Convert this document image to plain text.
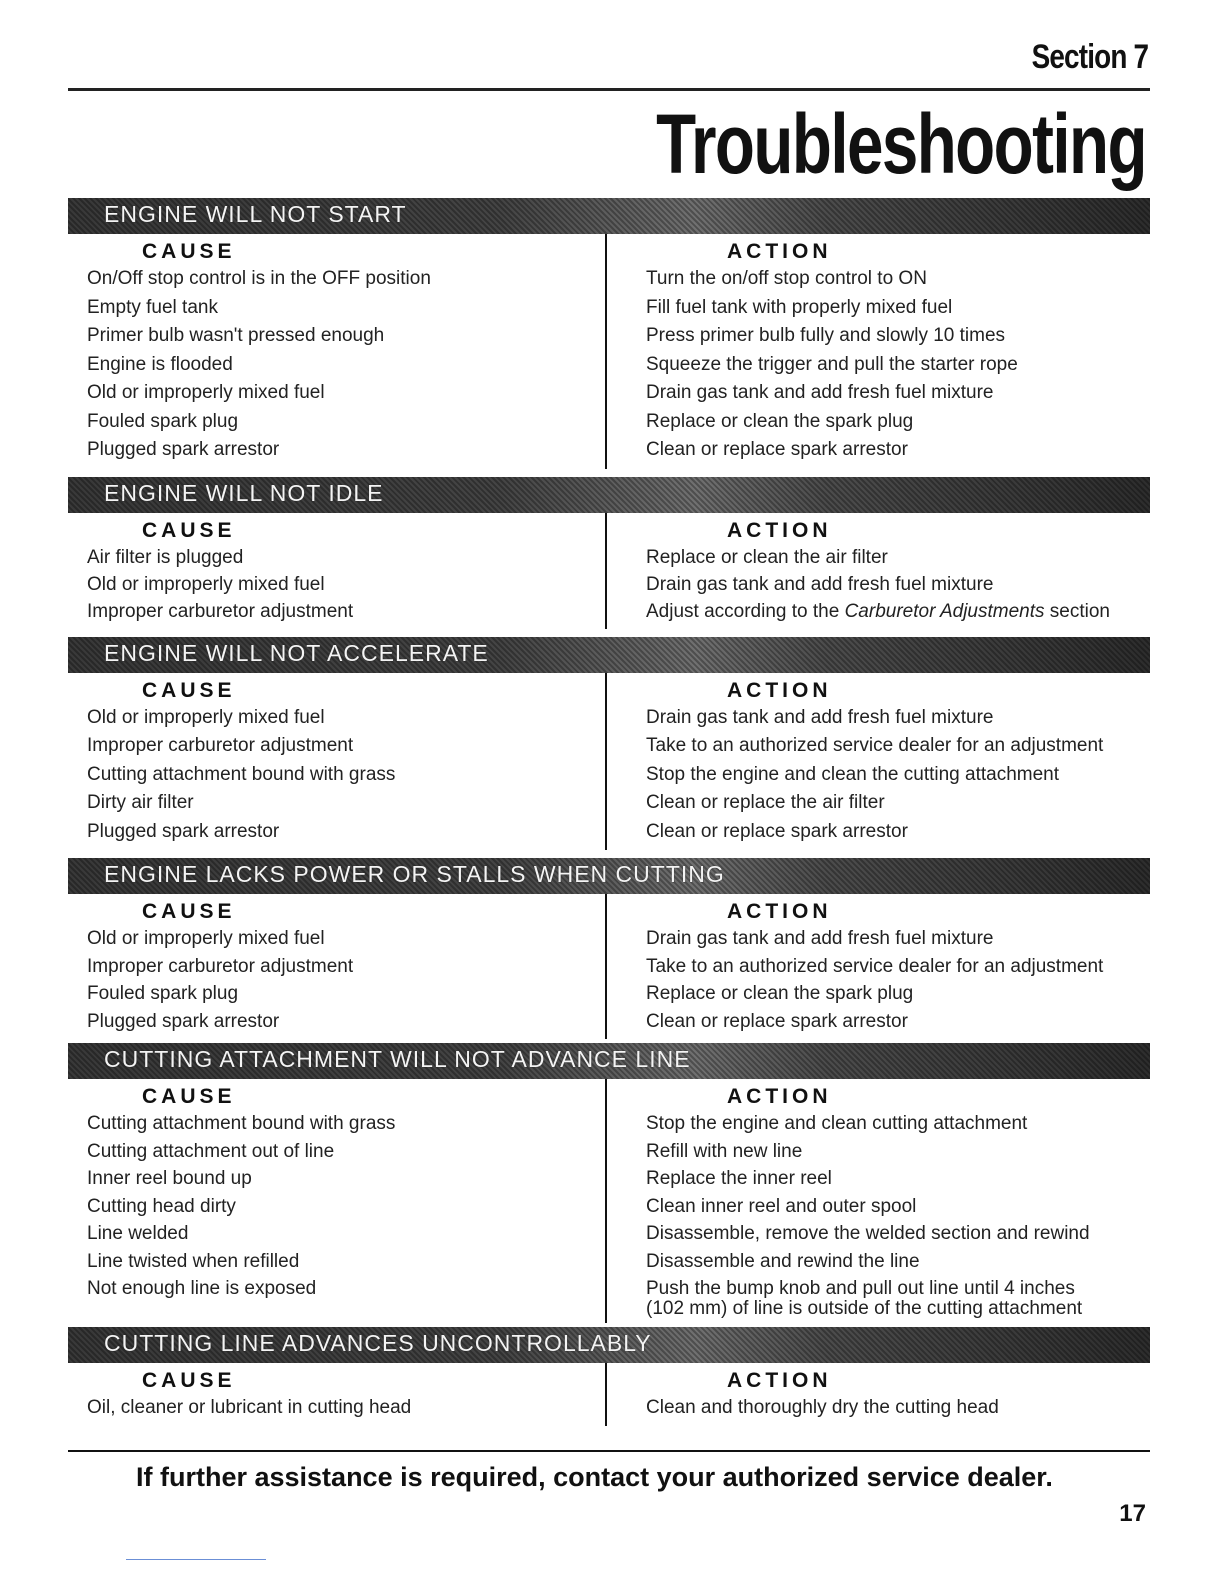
Section 7
Troubleshooting
ENGINE WILL NOT START
CAUSE
On/Off stop control is in the OFF position
Empty fuel tank
Primer bulb wasn't pressed enough
Engine is flooded
Old or improperly mixed fuel
Fouled spark plug
Plugged spark arrestor
ACTION
Turn the on/off stop control to ON
Fill fuel tank with properly mixed fuel
Press primer bulb fully and slowly 10 times
Squeeze the trigger and pull the starter rope
Drain gas tank and add fresh fuel mixture
Replace or clean the spark plug
Clean or replace spark arrestor
ENGINE WILL NOT IDLE
CAUSE
Air filter is plugged
Old or improperly mixed fuel
Improper carburetor adjustment
ACTION
Replace or clean the air filter
Drain gas tank and add fresh fuel mixture
Adjust according to the Carburetor Adjustments section
ENGINE WILL NOT ACCELERATE
CAUSE
Old or improperly mixed fuel
Improper carburetor adjustment
Cutting attachment bound with grass
Dirty air filter
Plugged spark arrestor
ACTION
Drain gas tank and add fresh fuel mixture
Take to an authorized service dealer for an adjustment
Stop the engine and clean the cutting attachment
Clean or replace the air filter
Clean or replace spark arrestor
ENGINE LACKS POWER OR STALLS WHEN CUTTING
CAUSE
Old or improperly mixed fuel
Improper carburetor adjustment
Fouled spark plug
Plugged spark arrestor
ACTION
Drain gas tank and add fresh fuel mixture
Take to an authorized service dealer for an adjustment
Replace or clean the spark plug
Clean or replace spark arrestor
CUTTING ATTACHMENT WILL NOT ADVANCE LINE
CAUSE
Cutting attachment bound with grass
Cutting attachment out of line
Inner reel bound up
Cutting head dirty
Line welded
Line twisted when refilled
Not enough line is exposed
ACTION
Stop the engine and clean cutting attachment
Refill with new line
Replace the inner reel
Clean inner reel and outer spool
Disassemble, remove the welded section and rewind
Disassemble and rewind the line
Push the bump knob and pull out line until 4 inches
(102 mm) of line is outside of the cutting attachment
CUTTING LINE ADVANCES UNCONTROLLABLY
CAUSE
Oil, cleaner or lubricant in cutting head
ACTION
Clean and thoroughly dry the cutting head
If further assistance is required, contact your authorized service dealer.
17
